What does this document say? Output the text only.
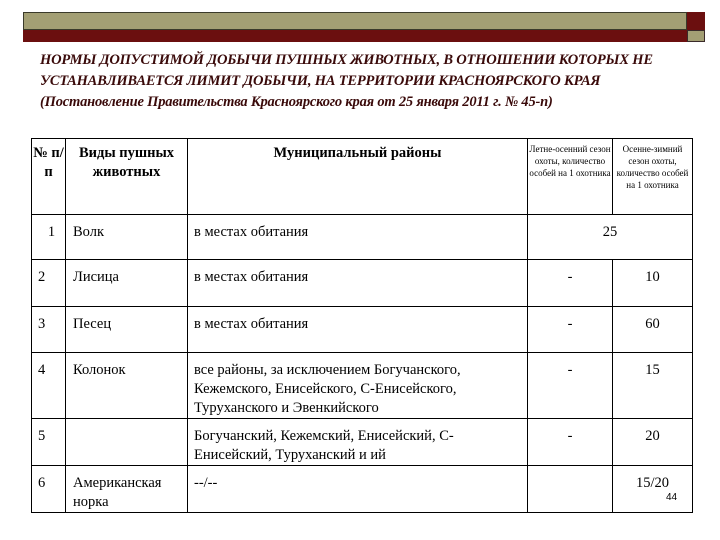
НОРМЫ ДОПУСТИМОЙ ДОБЫЧИ ПУШНЫХ ЖИВОТНЫХ, В ОТНОШЕНИИ КОТОРЫХ НЕ УСТАНАВЛИВАЕТСЯ ЛИМИТ ДОБЫЧИ, НА ТЕРРИТОРИИ КРАСНОЯРСКОГО КРАЯ (Постановление Правительства Красноярского края от 25 января 2011 г. № 45-п)
№ п/ п	Виды пушных животных	Муниципальный районы	Летне-осенний сезон охоты, количество особей на 1 охотника	Осенне-зимний сезон охоты, количество особей на 1 охотника
1	Волк	в местах обитания	25	
2	Лисица	в местах обитания	-	10
3	Песец	в местах обитания	-	60
4	Колонок	все районы, за исключением Богучанского, Кежемского, Енисейского, С-Енисейского, Туруханского и Эвенкийского	-	15
5		Богучанский, Кежемский, Енисейский, С-Енисейский, Туруханский и ий	-	20
6	Американская норка	--/--		15/20
44
